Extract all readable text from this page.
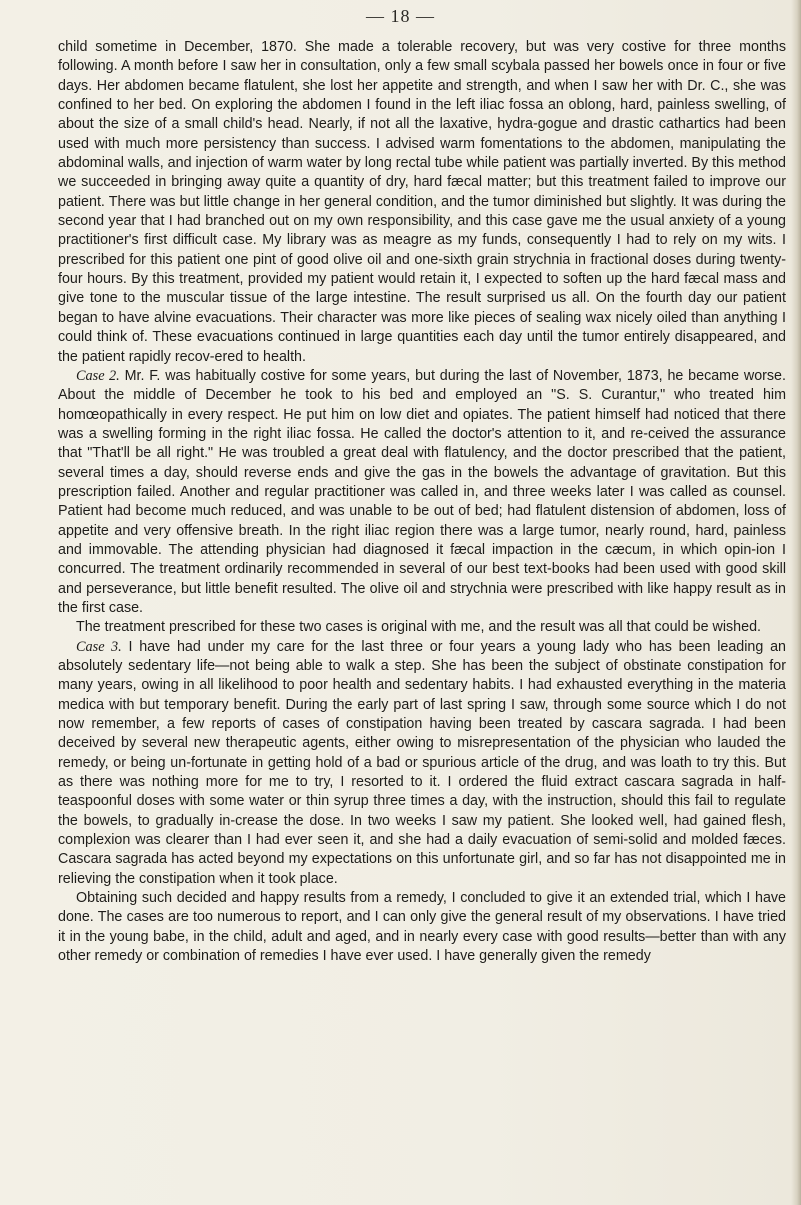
— 18 —

child sometime in December, 1870. She made a tolerable recovery, but was very costive for three months following. A month before I saw her in consultation, only a few small scybala passed her bowels once in four or five days. Her abdomen became flatulent, she lost her appetite and strength, and when I saw her with Dr. C., she was confined to her bed. On exploring the abdomen I found in the left iliac fossa an oblong, hard, painless swelling, of about the size of a small child's head. Nearly, if not all the laxative, hydra-gogue and drastic cathartics had been used with much more persistency than success. I advised warm fomentations to the abdomen, manipulating the abdominal walls, and injection of warm water by long rectal tube while patient was partially inverted. By this method we succeeded in bringing away quite a quantity of dry, hard fæcal matter; but this treatment failed to improve our patient. There was but little change in her general condition, and the tumor diminished but slightly. It was during the second year that I had branched out on my own responsibility, and this case gave me the usual anxiety of a young practitioner's first difficult case. My library was as meagre as my funds, consequently I had to rely on my wits. I prescribed for this patient one pint of good olive oil and one-sixth grain strychnia in fractional doses during twenty-four hours. By this treatment, provided my patient would retain it, I expected to soften up the hard fæcal mass and give tone to the muscular tissue of the large intestine. The result surprised us all. On the fourth day our patient began to have alvine evacuations. Their character was more like pieces of sealing wax nicely oiled than anything I could think of. These evacuations continued in large quantities each day until the tumor entirely disappeared, and the patient rapidly recov-ered to health.

Case 2. Mr. F. was habitually costive for some years, but during the last of November, 1873, he became worse. About the middle of December he took to his bed and employed an "S. S. Curantur," who treated him homœopathically in every respect. He put him on low diet and opiates. The patient himself had noticed that there was a swelling forming in the right iliac fossa. He called the doctor's attention to it, and re-ceived the assurance that "That'll be all right." He was troubled a great deal with flatulency, and the doctor prescribed that the patient, several times a day, should reverse ends and give the gas in the bowels the advantage of gravitation. But this prescription failed. Another and regular practitioner was called in, and three weeks later I was called as counsel. Patient had become much reduced, and was unable to be out of bed; had flatulent distension of abdomen, loss of appetite and very offensive breath. In the right iliac region there was a large tumor, nearly round, hard, painless and immovable. The attending physician had diagnosed it fæcal impaction in the cæcum, in which opin-ion I concurred. The treatment ordinarily recommended in several of our best text-books had been used with good skill and perseverance, but little benefit resulted. The olive oil and strychnia were prescribed with like happy result as in the first case.

The treatment prescribed for these two cases is original with me, and the result was all that could be wished.

Case 3. I have had under my care for the last three or four years a young lady who has been leading an absolutely sedentary life—not being able to walk a step. She has been the subject of obstinate constipation for many years, owing in all likelihood to poor health and sedentary habits. I had exhausted everything in the materia medica with but temporary benefit. During the early part of last spring I saw, through some source which I do not now remember, a few reports of cases of constipation having been treated by cascara sagrada. I had been deceived by several new therapeutic agents, either owing to misrepresentation of the physician who lauded the remedy, or being un-fortunate in getting hold of a bad or spurious article of the drug, and was loath to try this. But as there was nothing more for me to try, I resorted to it. I ordered the fluid extract cascara sagrada in half-teaspoonful doses with some water or thin syrup three times a day, with the instruction, should this fail to regulate the bowels, to gradually in-crease the dose. In two weeks I saw my patient. She looked well, had gained flesh, complexion was clearer than I had ever seen it, and she had a daily evacuation of semi-solid and molded fæces. Cascara sagrada has acted beyond my expectations on this unfortunate girl, and so far has not disappointed me in relieving the constipation when it took place.

Obtaining such decided and happy results from a remedy, I concluded to give it an extended trial, which I have done. The cases are too numerous to report, and I can only give the general result of my observations. I have tried it in the young babe, in the child, adult and aged, and in nearly every case with good results—better than with any other remedy or combination of remedies I have ever used. I have generally given the remedy
